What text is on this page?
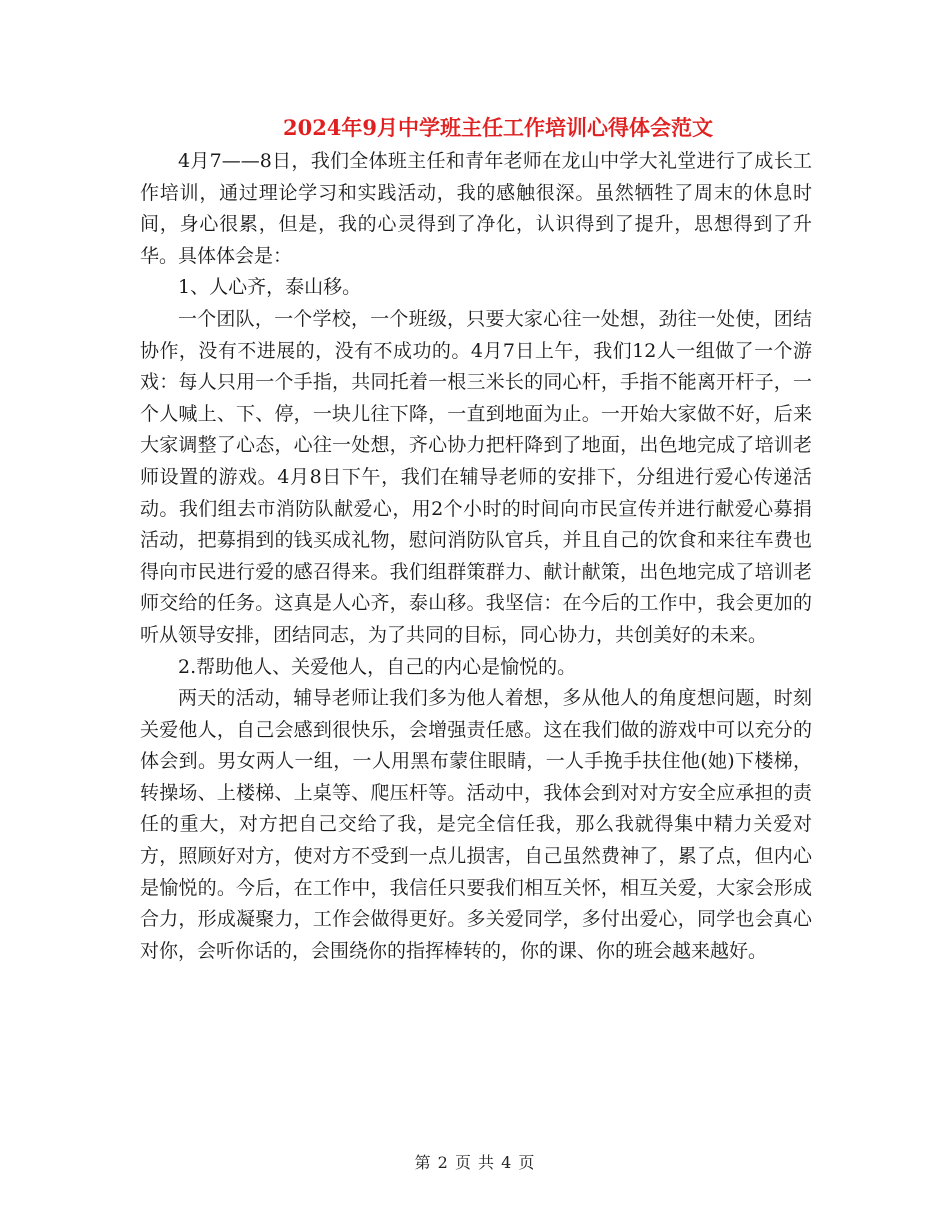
2024年9月中学班主任工作培训心得体会范文

4月7——8日，我们全体班主任和青年老师在龙山中学大礼堂进行了成长工作培训，通过理论学习和实践活动，我的感触很深。虽然牺牲了周末的休息时间，身心很累，但是，我的心灵得到了净化，认识得到了提升，思想得到了升华。具体体会是：

1、人心齐，泰山移。

一个团队，一个学校，一个班级，只要大家心往一处想，劲往一处使，团结协作，没有不进展的，没有不成功的。4月7日上午，我们12人一组做了一个游戏：每人只用一个手指，共同托着一根三米长的同心杆，手指不能离开杆子，一个人喊上、下、停，一块儿往下降，一直到地面为止。一开始大家做不好，后来大家调整了心态，心往一处想，齐心协力把杆降到了地面，出色地完成了培训老师设置的游戏。4月8日下午，我们在辅导老师的安排下，分组进行爱心传递活动。我们组去市消防队献爱心，用2个小时的时间向市民宣传并进行献爱心募捐活动，把募捐到的钱买成礼物，慰问消防队官兵，并且自己的饮食和来往车费也得向市民进行爱的感召得来。我们组群策群力、献计献策，出色地完成了培训老师交给的任务。这真是人心齐，泰山移。我坚信：在今后的工作中，我会更加的听从领导安排，团结同志，为了共同的目标，同心协力，共创美好的未来。

2.帮助他人、关爱他人，自己的内心是愉悦的。

两天的活动，辅导老师让我们多为他人着想，多从他人的角度想问题，时刻关爱他人，自己会感到很快乐，会增强责任感。这在我们做的游戏中可以充分的体会到。男女两人一组，一人用黑布蒙住眼睛，一人手挽手扶住他(她)下楼梯，转操场、上楼梯、上桌等、爬压杆等。活动中，我体会到对对方安全应承担的责任的重大，对方把自己交给了我，是完全信任我，那么我就得集中精力关爱对方，照顾好对方，使对方不受到一点儿损害，自己虽然费神了，累了点，但内心是愉悦的。今后，在工作中，我信任只要我们相互关怀，相互关爱，大家会形成合力，形成凝聚力，工作会做得更好。多关爱同学，多付出爱心，同学也会真心对你，会听你话的，会围绕你的指挥棒转的，你的课、你的班会越来越好。

第 2 页 共 4 页
